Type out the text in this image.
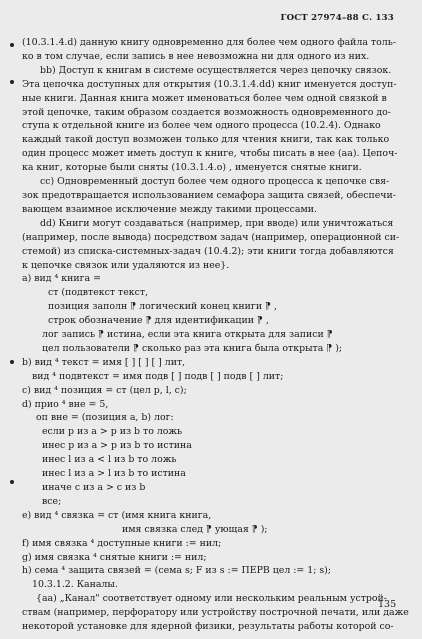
ГОСТ 27974–88 С. 133
(10.3.1.4.d) данную книгу одновременно для более чем одного файла толь-
ко в том случае, если запись в нее невозможна ни для одного из них.
bb) Доступ к книгам в системе осуществляется через цепочку связок.
Эта цепочка доступных для открытия (10.3.1.4.dd) книг именуется доступ-
ные книги. Данная книга может именоваться более чем одной связкой в
этой цепочке, таким образом создается возможность одновременного до-
ступа к отдельной книге из более чем одного процесса (10.2.4). Однако
каждый такой доступ возможен только для чтения книги, так как только
один процесс может иметь доступ к книге, чтобы писать в нее (aa). Цепоч-
ка книг, которые были сняты (10.3.1.4.o) , именуется снятые книги.
cc) Одновременный доступ более чем одного процесса к цепочке свя-
зок предотвращается использованием семафора защита связей, обеспечи-
вающем взаимное исключение между такими процессами.
dd) Книги могут создаваться (например, при вводе) или уничтожаться
(например, после вывода) посредством задач (например, операционной си-
стемой) из списка-системных-задач (10.4.2); эти книги тогда добавляются
к цепочке связок или удаляются из нее}.
a) вид ⁴ книга =
ст (подвтекст текст,
позиция заполн ⁋ логический конец книги ⁋ ,
строк обозначение ⁋ для идентификации ⁋ ,
лог запись ⁋ истина, если эта книга открыта для записи ⁋
цел пользователи ⁋ сколько раз эта книга была открыта ⁋ );
b) вид ⁴ текст = имя [ ] [ ] [ ] лит,
вид ⁴ подвтекст = имя подв [ ] подв [ ] подв [ ] лит;
c) вид ⁴ позиция = ст (цел p, l, c);
d) прио ⁴ вне = 5,
оп вне = (позиция a, b) лог:
если p из a > p из b то ложь
инес p из a > p из b то истина
инес l из a < l из b то ложь
инес l из a > l из b то истина
иначе c из a > c из b
все;
e) вид ⁴ связка = ст (имя книга книга,
имя связка след ⁋ ующая ⁋ );
f) имя связка ⁴ доступные книги := нил;
g) имя связка ⁴ снятые книги := нил;
h) сема ⁴ защита связей = (сема s; F из s := ПЕРВ цел := 1; s);
10.3.1.2. Каналы.
{aa) „Канал" соответствует одному или нескольким реальным устрой-
ствам (например, перфоратору или устройству построчной печати, или даже
некоторой установке для ядерной физики, результаты работы которой со-
135
